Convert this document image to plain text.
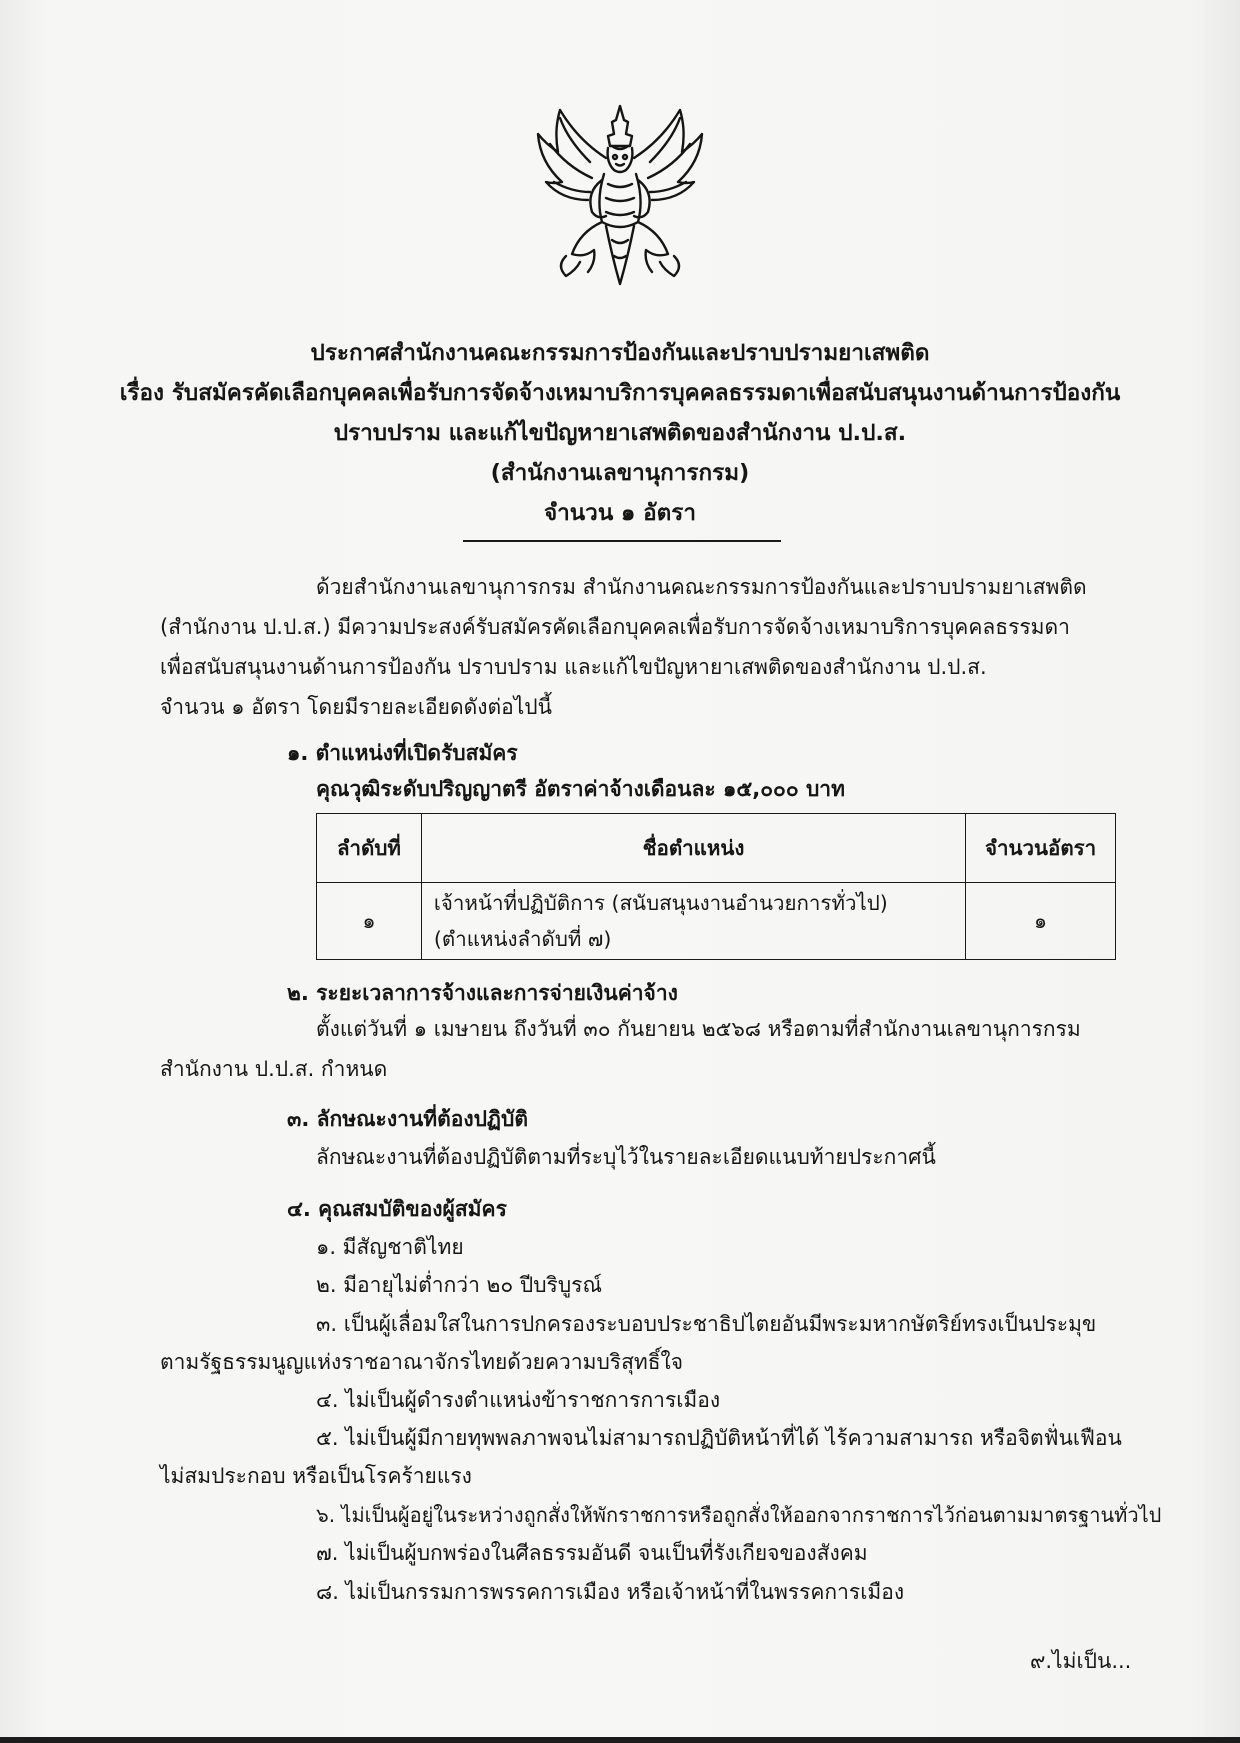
ประกาศสำนักงานคณะกรรมการป้องกันและปราบปรามยาเสพติด
เรื่อง รับสมัครคัดเลือกบุคคลเพื่อรับการจัดจ้างเหมาบริการบุคคลธรรมดาเพื่อสนับสนุนงานด้านการป้องกัน
ปราบปราม และแก้ไขปัญหายาเสพติดของสำนักงาน ป.ป.ส.
(สำนักงานเลขานุการกรม)
จำนวน ๑ อัตรา
ด้วยสำนักงานเลขานุการกรม สำนักงานคณะกรรมการป้องกันและปราบปรามยาเสพติด
(สำนักงาน ป.ป.ส.) มีความประสงค์รับสมัครคัดเลือกบุคคลเพื่อรับการจัดจ้างเหมาบริการบุคคลธรรมดา
เพื่อสนับสนุนงานด้านการป้องกัน ปราบปราม และแก้ไขปัญหายาเสพติดของสำนักงาน ป.ป.ส.
จำนวน ๑ อัตรา โดยมีรายละเอียดดังต่อไปนี้
๑. ตำแหน่งที่เปิดรับสมัคร
คุณวุฒิระดับปริญญาตรี อัตราค่าจ้างเดือนละ ๑๕,๐๐๐ บาท
ลำดับที่	ชื่อตำแหน่ง	จำนวนอัตรา
๑	เจ้าหน้าที่ปฏิบัติการ (สนับสนุนงานอำนวยการทั่วไป)
(ตำแหน่งลำดับที่ ๗)	๑
๒. ระยะเวลาการจ้างและการจ่ายเงินค่าจ้าง
ตั้งแต่วันที่ ๑ เมษายน ถึงวันที่ ๓๐ กันยายน ๒๕๖๘ หรือตามที่สำนักงานเลขานุการกรม
สำนักงาน ป.ป.ส. กำหนด
๓. ลักษณะงานที่ต้องปฏิบัติ
ลักษณะงานที่ต้องปฏิบัติตามที่ระบุไว้ในรายละเอียดแนบท้ายประกาศนี้
๔. คุณสมบัติของผู้สมัคร
๑. มีสัญชาติไทย
๒. มีอายุไม่ต่ำกว่า ๒๐ ปีบริบูรณ์
๓. เป็นผู้เลื่อมใสในการปกครองระบอบประชาธิปไตยอันมีพระมหากษัตริย์ทรงเป็นประมุข
ตามรัฐธรรมนูญแห่งราชอาณาจักรไทยด้วยความบริสุทธิ์ใจ
๔. ไม่เป็นผู้ดำรงตำแหน่งข้าราชการการเมือง
๕. ไม่เป็นผู้มีกายทุพพลภาพจนไม่สามารถปฏิบัติหน้าที่ได้ ไร้ความสามารถ หรือจิตฟั่นเฟือน
ไม่สมประกอบ หรือเป็นโรคร้ายแรง
๖. ไม่เป็นผู้อยู่ในระหว่างถูกสั่งให้พักราชการหรือถูกสั่งให้ออกจากราชการไว้ก่อนตามมาตรฐานทั่วไป
๗. ไม่เป็นผู้บกพร่องในศีลธรรมอันดี จนเป็นที่รังเกียจของสังคม
๘. ไม่เป็นกรรมการพรรคการเมือง หรือเจ้าหน้าที่ในพรรคการเมือง
๙.ไม่เป็น...
